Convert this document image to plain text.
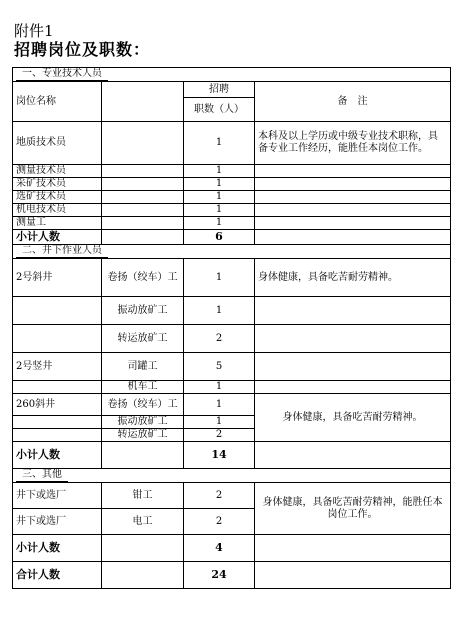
附件1
招聘岗位及职数：
一、专业技术人员			
岗位名称		招聘	备　注
		职数（人）	
地质技术员		1	本科及以上学历或中级专业技术职称，具备专业工作经历，能胜任本岗位工作。
测量技术员		1	
采矿技术员		1	
选矿技术员		1	
机电技术员		1	
测量工		1	
小计人数		6	
二、井下作业人员			
2号斜井	卷扬（绞车）工	1	身体健康，具备吃苦耐劳精神。
	振动放矿工	1	
	转运放矿工	2	
2号竖井	司罐工	5	
	机车工	1	
260斜井	卷扬（绞车）工	1	身体健康，具备吃苦耐劳精神。
	振动放矿工	1	
	转运放矿工	2	
小计人数		14	
三、其他			
井下或选厂	钳工	2	身体健康，具备吃苦耐劳精神，能胜任本岗位工作。
井下或选厂	电工	2	
小计人数		4	
合计人数		24	
